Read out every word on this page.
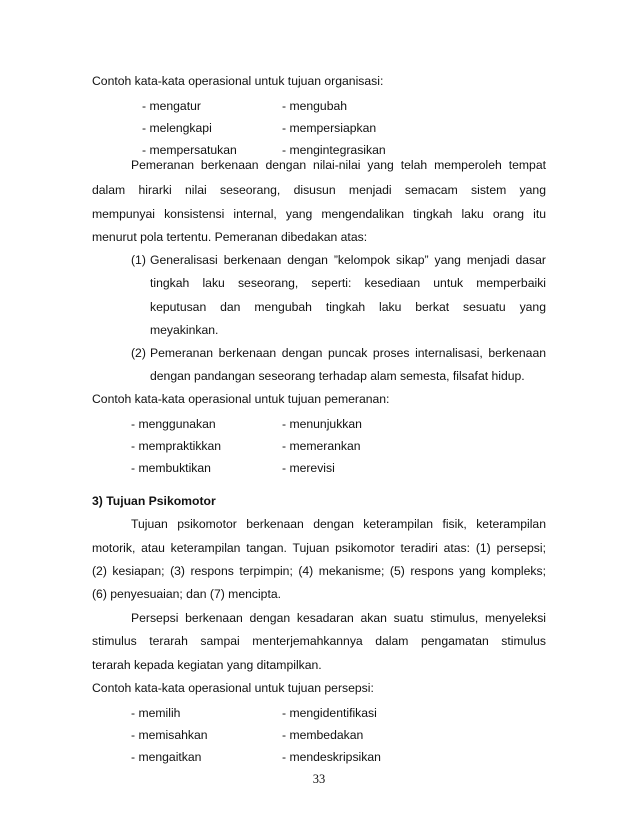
Contoh kata-kata operasional untuk tujuan organisasi:
- mengatur	- mengubah
- melengkapi	- mempersiapkan
- mempersatukan	- mengintegrasikan
Pemeranan berkenaan dengan nilai-nilai yang telah memperoleh tempat
dalam hirarki nilai seseorang, disusun menjadi semacam sistem yang
mempunyai konsistensi internal, yang mengendalikan tingkah laku orang itu
menurut pola tertentu. Pemeranan dibedakan atas:
(1) Generalisasi berkenaan dengan ”kelompok sikap” yang menjadi dasar
tingkah laku seseorang, seperti: kesediaan untuk memperbaiki
keputusan dan mengubah tingkah laku berkat sesuatu yang
meyakinkan.
(2) Pemeranan berkenaan dengan puncak proses internalisasi, berkenaan
dengan pandangan seseorang terhadap alam semesta, filsafat hidup.
Contoh kata-kata operasional untuk tujuan pemeranan:
- menggunakan	- menunjukkan
- mempraktikkan	- memerankan
- membuktikan	- merevisi
3) Tujuan Psikomotor
Tujuan psikomotor berkenaan dengan keterampilan fisik, keterampilan
motorik, atau keterampilan tangan. Tujuan psikomotor teradiri atas: (1) persepsi;
(2) kesiapan; (3) respons terpimpin; (4) mekanisme; (5) respons yang kompleks;
(6) penyesuaian; dan (7) mencipta.
Persepsi berkenaan dengan kesadaran akan suatu stimulus, menyeleksi
stimulus terarah sampai menterjemahkannya dalam pengamatan stimulus
terarah kepada kegiatan yang ditampilkan.
Contoh kata-kata operasional untuk tujuan persepsi:
- memilih	- mengidentifikasi
- memisahkan	- membedakan
- mengaitkan	- mendeskripsikan
33
